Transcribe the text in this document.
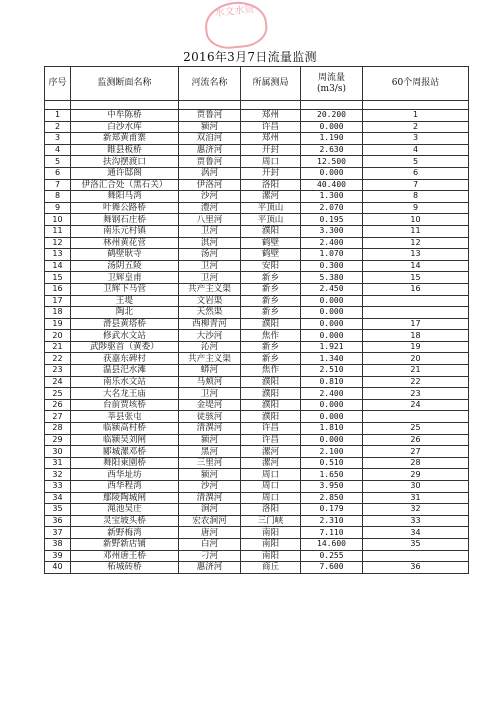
水文水资
2016年3月7日流量监测
序号	监测断面名称	河流名称	所属测局	周流量
(m3/s)	60个周报站

1	中牟陈桥	贾鲁河	郑州	20.200	1
2	白沙水库	颍河	许昌	0.000	2
3	新郑黄甫寨	双洎河	郑州	1.190	3
4	睢县板桥	惠济河	开封	2.630	4
5	扶沟摆渡口	贾鲁河	周口	12.500	5
6	通许邸阁	涡河	开封	0.000	6
7	伊洛汇合处（黑石关）	伊洛河	洛阳	40.400	7
8	舞阳马湾	沙河	漯河	1.300	8
9	叶舞公路桥	澧河	平顶山	2.070	9
10	舞钢石庄桥	八里河	平顶山	0.195	10
11	南乐元村镇	卫河	濮阳	3.300	11
12	林州黄花营	淇河	鹤壁	2.400	12
13	鹤壁耿寺	汤河	鹤壁	1.070	13
14	汤阴五陵	卫河	安阳	0.300	14
15	卫辉皇甫	卫河	新乡	5.380	15
16	卫辉下马营	共产主义渠	新乡	2.450	16
17	王堤	文岩渠	新乡	0.000	
18	陶北	天然渠	新乡	0.000	
19	滑县黄塔桥	西柳青河	濮阳	0.000	17
20	修武水文站	大沙河	焦作	0.000	18
21	武陟驱首（黄委）	沁河	新乡	1.921	19
22	获嘉东碑村	共产主义渠	新乡	1.340	20
23	温县汜水滩	蟒河	焦作	2.510	21
24	南乐水文站	马颊河	濮阳	0.810	22
25	大名龙王庙	卫河	濮阳	2.400	23
26	台前贾垓桥	金堤河	濮阳	0.000	24
27	莘县张屯	徒骇河	濮阳	0.000	
28	临颍高村桥	清潩河	许昌	1.810	25
29	临颍吴刘闸	颍河	许昌	0.000	26
30	郾城漯邓桥	黑河	漯河	2.100	27
31	舞阳東園桥	三里河	漯河	0.510	28
32	西华址坊	颍河	周口	1.650	29
33	西华程湾	沙河	周口	3.950	30
34	鄢陵陶城闸	清潩河	周口	2.850	31
35	渑池吴庄	涧河	洛阳	0.179	32
36	灵宝坡头桥	宏农涧河	三门峡	2.310	33
37	新野梅湾	唐河	南阳	7.110	34
38	新野新店铺	白河	南阳	14.600	35
39	邓州唐王桥	刁河	南阳	0.255	
40	柘城砖桥	惠济河	商丘	7.600	36
